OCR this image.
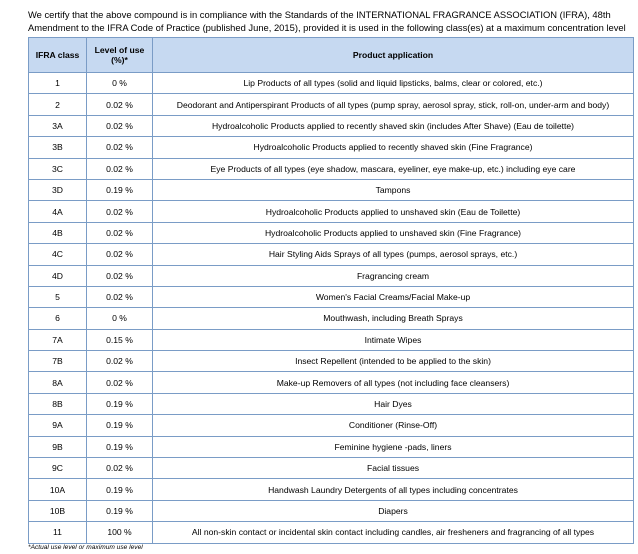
We certify that the above compound is in compliance with the Standards of the INTERNATIONAL FRAGRANCE ASSOCIATION (IFRA), 48th Amendment to the IFRA Code of Practice (published June, 2015), provided it is used in the following class(es) at a maximum concentration level
IFRA class	Level of use (%)*	Product application
1	0 %	Lip Products of all types (solid and liquid lipsticks, balms, clear or colored, etc.)
2	0.02 %	Deodorant and Antiperspirant Products of all types (pump spray, aerosol spray, stick, roll-on, under-arm and body)
3A	0.02 %	Hydroalcoholic Products applied to recently shaved skin (includes After Shave) (Eau de toilette)
3B	0.02 %	Hydroalcoholic Products applied to recently shaved skin (Fine Fragrance)
3C	0.02 %	Eye Products of all types (eye shadow, mascara, eyeliner, eye make-up, etc.) including eye care
3D	0.19 %	Tampons
4A	0.02 %	Hydroalcoholic Products applied to unshaved skin (Eau de Toilette)
4B	0.02 %	Hydroalcoholic Products applied to unshaved skin (Fine Fragrance)
4C	0.02 %	Hair Styling Aids Sprays of all types (pumps, aerosol sprays, etc.)
4D	0.02 %	Fragrancing cream
5	0.02 %	Women's Facial Creams/Facial Make-up
6	0 %	Mouthwash, including Breath Sprays
7A	0.15 %	Intimate Wipes
7B	0.02 %	Insect Repellent (intended to be applied to the skin)
8A	0.02 %	Make-up Removers of all types (not including face cleansers)
8B	0.19 %	Hair Dyes
9A	0.19 %	Conditioner (Rinse-Off)
9B	0.19 %	Feminine hygiene -pads, liners
9C	0.02 %	Facial tissues
10A	0.19 %	Handwash Laundry Detergents of all types including concentrates
10B	0.19 %	Diapers
11	100 %	All non-skin contact or incidental skin contact including candles, air fresheners and fragrancing of all types
*Actual use level or maximum use level
